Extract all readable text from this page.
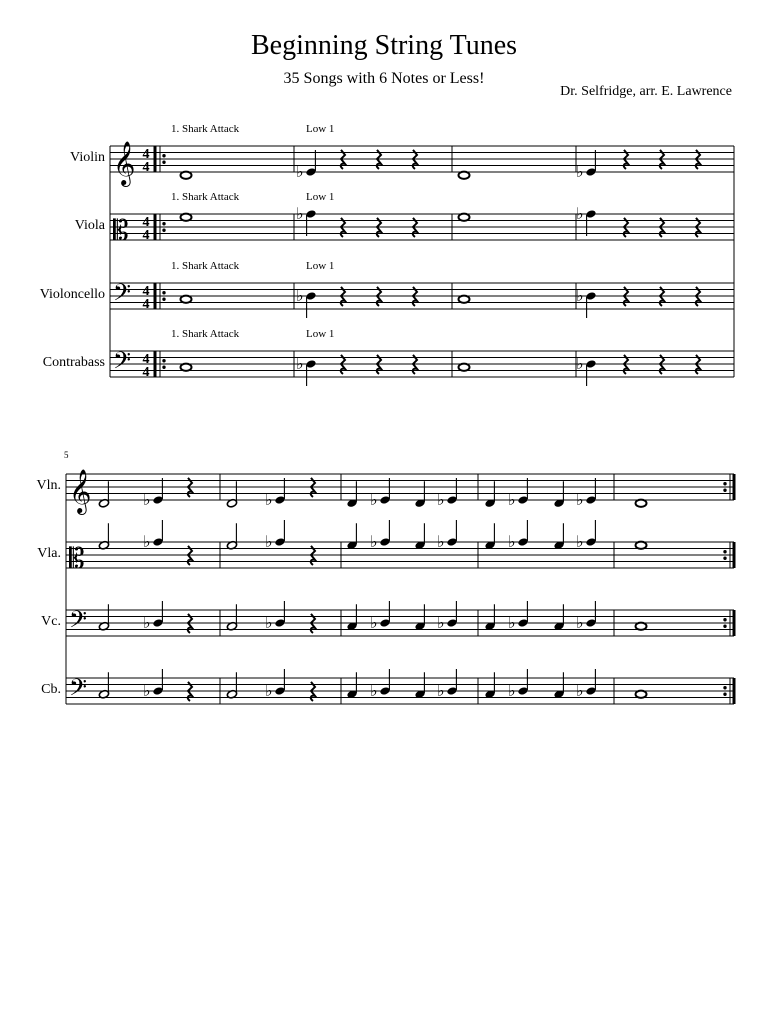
Beginning String Tunes
35 Songs with 6 Notes or Less!
Dr. Selfridge, arr. E. Lawrence
Violin 𝄞 4
4
1. Shark Attack	Low 1
Viola 𝄡 4
4
1. Shark Attack	Low 1
Violoncello 𝄢 4
4
1. Shark Attack	Low 1
Contrabass 𝄢 4
4
1. Shark Attack	Low 1
♭	♭
♭	♭
♭	♭
♭	♭
5
Vln. 𝄞
Vla. 𝄡
Vc. 𝄢
Cb. 𝄢
♭	♭	♭	♭	♭	♭
♭	♭	♭	♭	♭	♭
♭	♭	♭	♭	♭	♭
♭	♭	♭	♭	♭	♭
